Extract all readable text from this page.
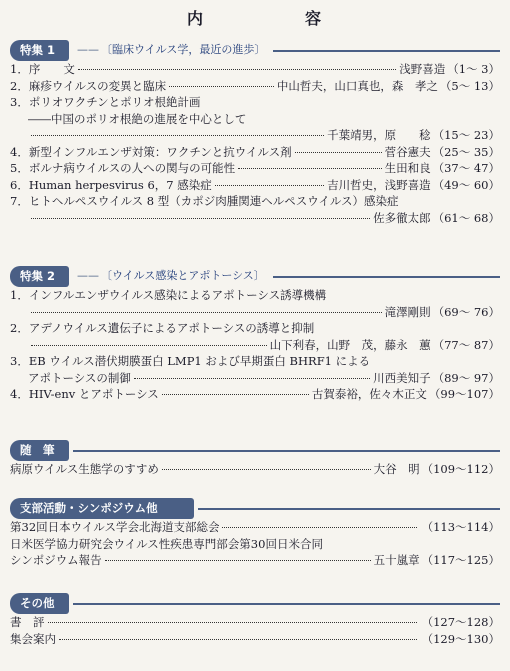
内	容
特集 1	—— 〔臨床ウイルス学，最近の進歩〕
1．序　　文	浅野喜造 （1～ 3）
2．麻疹ウイルスの変異と臨床	中山哲夫，山口真也，森　孝之 （5～ 13）
3．ポリオワクチンとポリオ根絶計画
――中国のポリオ根絶の進展を中心として
千葉靖男，原　　稔 （15～ 23）
4．新型インフルエンザ対策：ワクチンと抗ウイルス剤	菅谷憲夫 （25～ 35）
5．ボルナ病ウイルスの人への関与の可能性	生田和良 （37～ 47）
6．Human herpesvirus 6，7 感染症	吉川哲史，浅野喜造 （49～ 60）
7．ヒトヘルペスウイルス 8 型（カポジ肉腫関連ヘルペスウイルス）感染症
佐多徹太郎 （61～ 68）
特集 2	—— 〔ウイルス感染とアポトーシス〕
1．インフルエンザウイルス感染によるアポトーシス誘導機構
滝澤剛則 （69～ 76）
2．アデノウイルス遺伝子によるアポトーシスの誘導と抑制
山下利春，山野　茂，藤永　蕙 （77～ 87）
3．EB ウイルス潜伏期膜蛋白 LMP1 および早期蛋白 BHRF1 による
アポトーシスの制御	川西美知子 （89～ 97）
4．HIV-env とアポトーシス	古賀泰裕，佐々木正文 （99～107）
随　筆
病原ウイルス生態学のすすめ	大谷　明 （109～112）
支部活動・シンポジウム他
第32回日本ウイルス学会北海道支部総会	（113～114）
日米医学協力研究会ウイルス性疾患専門部会第30回日米合同
シンポジウム報告	五十嵐章 （117～125）
その他
書　評	（127～128）
集会案内	（129～130）
